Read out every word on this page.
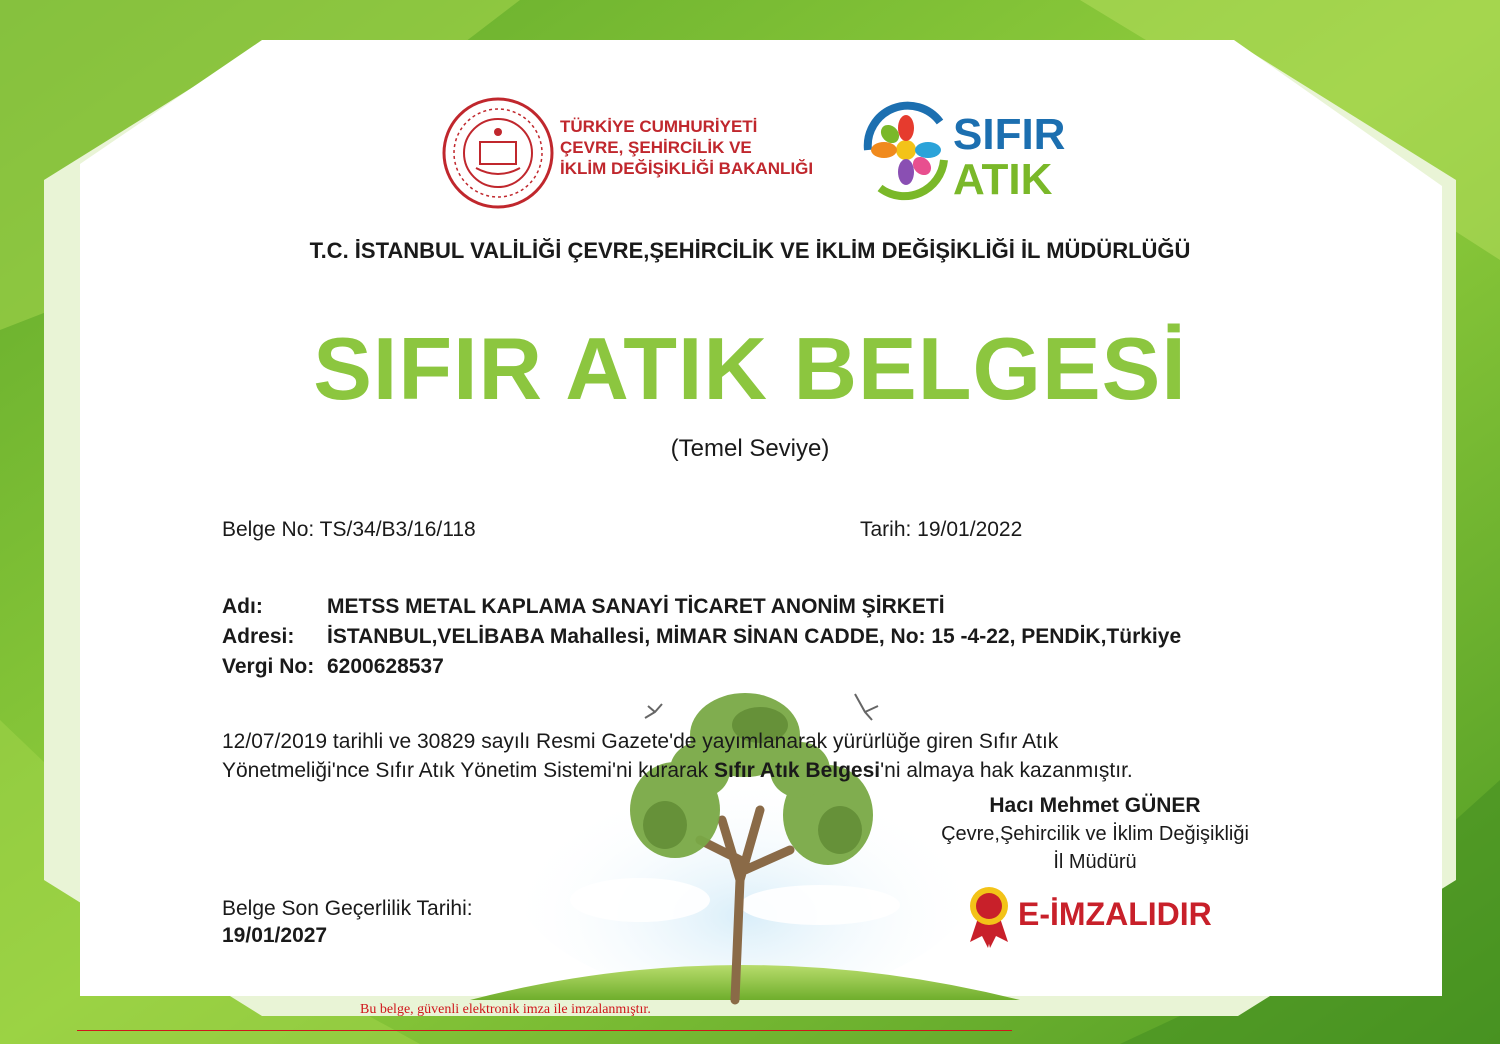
TÜRKİYE CUMHURİYETİ
ÇEVRE, ŞEHİRCİLİK VE
İKLİM DEĞİŞİKLİĞİ BAKANLIĞI
SIFIR
ATIK
T.C. İSTANBUL VALİLİĞİ ÇEVRE,ŞEHİRCİLİK VE İKLİM DEĞİŞİKLİĞİ İL MÜDÜRLÜĞÜ
SIFIR ATIK BELGESİ
(Temel Seviye)
Belge No: TS/34/B3/16/118	Tarih: 19/01/2022
Adı:	METSS METAL KAPLAMA SANAYİ TİCARET ANONİM ŞİRKETİ
Adresi: İSTANBUL,VELİBABA Mahallesi, MİMAR SİNAN CADDE, No: 15 -4-22, PENDİK,Türkiye
Vergi No: 6200628537
12/07/2019 tarihli ve 30829 sayılı Resmi Gazete'de yayımlanarak yürürlüğe giren Sıfır Atık
Yönetmeliği'nce Sıfır Atık Yönetim Sistemi'ni kurarak Sıfır Atık Belgesi'ni almaya hak kazanmıştır.
Hacı Mehmet GÜNER
Çevre,Şehircilik ve İklim Değişikliği
İl Müdürü
E-İMZALIDIR
Belge Son Geçerlilik Tarihi:
19/01/2027
Bu belge, güvenli elektronik imza ile imzalanmıştır.
